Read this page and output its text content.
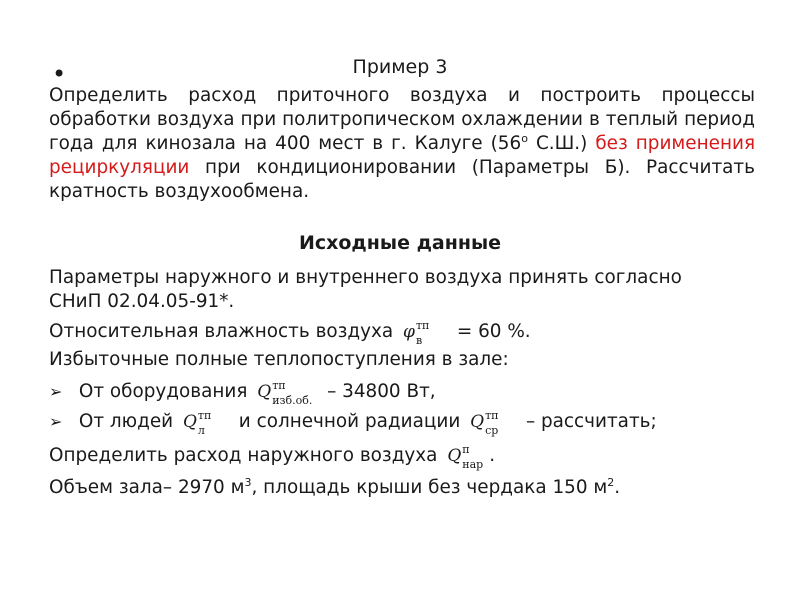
•	Пример 3
Определить расход приточного воздуха и построить процессы обработки воздуха при политропическом охлаждении в теплый период года для кинозала на 400 мест в г. Калуге ($56^о$ С.Ш.) без применения рециркуляции при кондиционировании (Параметры Б). Рассчитать кратность воздухообмена.
Исходные данные
Параметры наружного и внутреннего воздуха принять согласно
СНиП 02.04.05-91*.
Относительная влажность воздуха φ тп
в = 60 %.
Избыточные полные теплопоступления в зале:
➢ От оборудования Q тп
изб.об. – 34800 Вт,
➢ От людей Q тп
л и солнечной радиации Q тп
ср – рассчитать;
Определить расход наружного воздуха Q п
нар .
Объем зала– 2970 $м^3$, площадь крыши без чердака 150 $м^2$.
